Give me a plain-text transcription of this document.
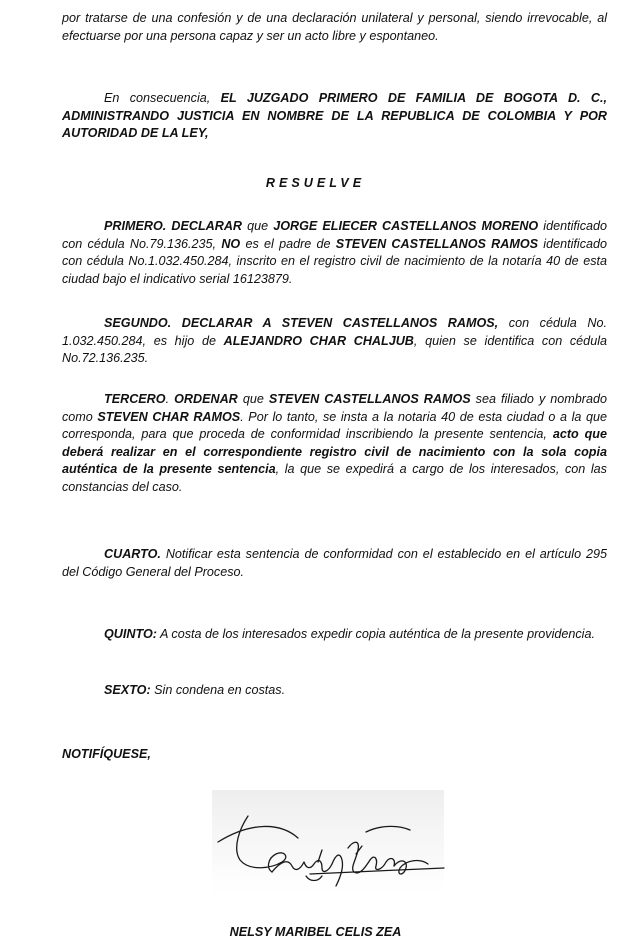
por tratarse de una confesión y de una declaración unilateral y personal, siendo irrevocable, al efectuarse por una persona capaz y ser un acto libre y espontaneo.

En consecuencia, EL JUZGADO PRIMERO DE FAMILIA DE BOGOTA D. C., ADMINISTRANDO JUSTICIA EN NOMBRE DE LA REPUBLICA DE COLOMBIA Y POR AUTORIDAD DE LA LEY,

RESUELVE

PRIMERO. DECLARAR que JORGE ELIECER CASTELLANOS MORENO identificado con cédula No.79.136.235, NO es el padre de STEVEN CASTELLANOS RAMOS identificado con cédula No.1.032.450.284, inscrito en el registro civil de nacimiento de la notaría 40 de esta ciudad bajo el indicativo serial 16123879.

SEGUNDO. DECLARAR A STEVEN CASTELLANOS RAMOS, con cédula No. 1.032.450.284, es hijo de ALEJANDRO CHAR CHALJUB, quien se identifica con cédula No.72.136.235.

TERCERO. ORDENAR que STEVEN CASTELLANOS RAMOS sea filiado y nombrado como STEVEN CHAR RAMOS. Por lo tanto, se insta a la notaria 40 de esta ciudad o a la que corresponda, para que proceda de conformidad inscribiendo la presente sentencia, acto que deberá realizar en el correspondiente registro civil de nacimiento con la sola copia auténtica de la presente sentencia, la que se expedirá a cargo de los interesados, con las constancias del caso.

CUARTO. Notificar esta sentencia de conformidad con el establecido en el artículo 295 del Código General del Proceso.

QUINTO: A costa de los interesados expedir copia auténtica de la presente providencia.

SEXTO: Sin condena en costas.

NOTIFÍQUESE,

NELSY MARIBEL CELIS ZEA
